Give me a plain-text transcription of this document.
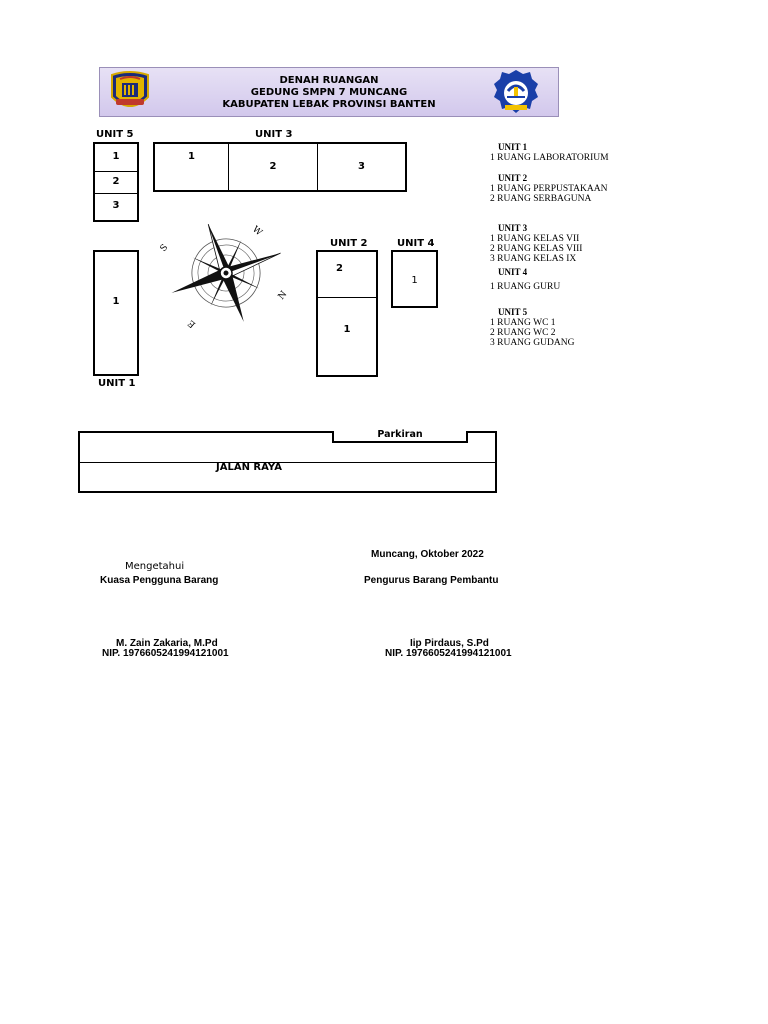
DENAH RUANGAN
GEDUNG SMPN 7 MUNCANG
KABUPATEN LEBAK PROVINSI BANTEN
UNIT 5	UNIT 3
1
2
3
1
2	3
1
UNIT 1
W
S
N
E
UNIT 2	UNIT 4
2
1
1
UNIT 1
1 RUANG LABORATORIUM
UNIT 2
1 RUANG PERPUSTAKAAN
2 RUANG SERBAGUNA
UNIT 3
1 RUANG KELAS VII
2 RUANG KELAS VIII
3 RUANG KELAS IX
UNIT 4
1 RUANG GURU
UNIT 5
1 RUANG WC 1
2 RUANG WC 2
3 RUANG GUDANG
Parkiran
JALAN RAYA
Muncang, Oktober 2022
Mengetahui
Kuasa Pengguna Barang	Pengurus Barang Pembantu
M. Zain Zakaria, M.Pd
NIP. 197660524199412100​1
Iip Pirdaus, S.Pd
NIP. 197660524199412100​1
